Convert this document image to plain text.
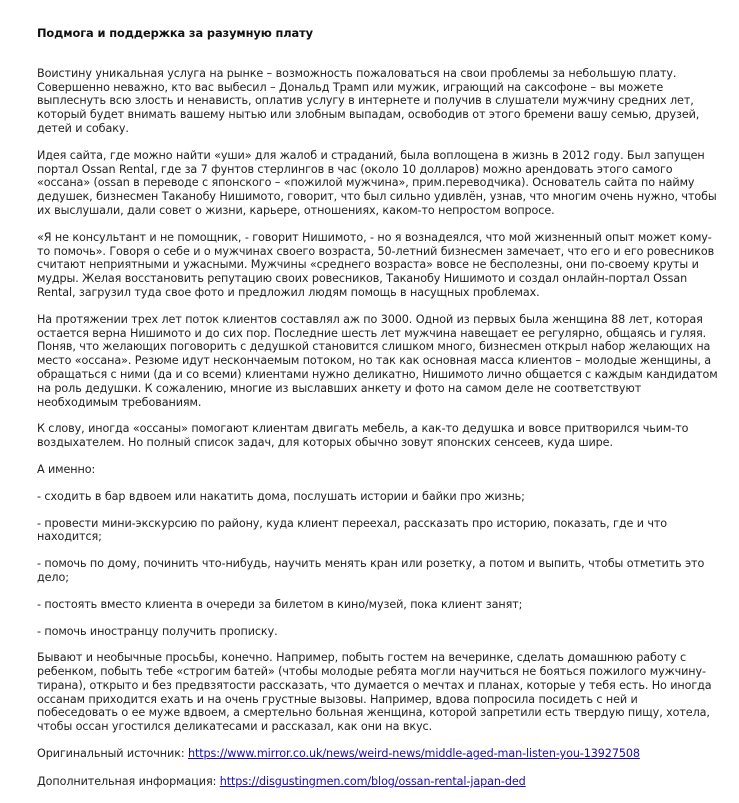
Подмога и поддержка за разумную плату

Воистину уникальная услуга на рынке – возможность пожаловаться на свои проблемы за небольшую плату. Совершенно неважно, кто вас выбесил – Дональд Трамп или мужик, играющий на саксофоне – вы можете выплеснуть всю злость и ненависть, оплатив услугу в интернете и получив в слушатели мужчину средних лет, который будет внимать вашему нытью или злобным выпадам, освободив от этого бремени вашу семью, друзей, детей и собаку.

Идея сайта, где можно найти «уши» для жалоб и страданий, была воплощена в жизнь в 2012 году. Был запущен портал Ossan Rental, где за 7 фунтов стерлингов в час (около 10 долларов) можно арендовать этого самого «оссана» (ossan в переводе с японского – «пожилой мужчина», прим.переводчика). Основатель сайта по найму дедушек, бизнесмен Таканобу Нишимото, говорит, что был сильно удивлён, узнав, что многим очень нужно, чтобы их выслушали, дали совет о жизни, карьере, отношениях, каком-то непростом вопросе.

«Я не консультант и не помощник, - говорит Нишимото, - но я вознадеялся, что мой жизненный опыт может кому-то помочь». Говоря о себе и о мужчинах своего возраста, 50-летний бизнесмен замечает, что его и его ровесников считают неприятными и ужасными. Мужчины «среднего возраста» вовсе не бесполезны, они по-своему круты и мудры. Желая восстановить репутацию своих ровесников, Таканобу Нишимото и создал онлайн-портал Ossan Rental, загрузил туда свое фото и предложил людям помощь в насущных проблемах.

На протяжении трех лет поток клиентов составлял аж по 3000. Одной из первых была женщина 88 лет, которая остается верна Нишимото и до сих пор. Последние шесть лет мужчина навещает ее регулярно, общаясь и гуляя. Поняв, что желающих поговорить с дедушкой становится слишком много, бизнесмен открыл набор желающих на место «оссана». Резюме идут нескончаемым потоком, но так как основная масса клиентов – молодые женщины, а обращаться с ними (да и со всеми) клиентами нужно деликатно, Нишимото лично общается с каждым кандидатом на роль дедушки. К сожалению, многие из выславших анкету и фото на самом деле не соответствуют необходимым требованиям.

К слову, иногда «оссаны» помогают клиентам двигать мебель, а как-то дедушка и вовсе притворился чьим-то воздыхателем. Но полный список задач, для которых обычно зовут японских сенсеев, куда шире.

А именно:

- сходить в бар вдвоем или накатить дома, послушать истории и байки про жизнь;

- провести мини-экскурсию по району, куда клиент переехал, рассказать про историю, показать, где и что находится;

- помочь по дому, починить что-нибудь, научить менять кран или розетку, а потом и выпить, чтобы отметить это дело;

- постоять вместо клиента в очереди за билетом в кино/музей, пока клиент занят;

- помочь иностранцу получить прописку.

Бывают и необычные просьбы, конечно. Например, побыть гостем на вечеринке, сделать домашнюю работу с ребенком, побыть тебе «строгим батей» (чтобы молодые ребята могли научиться не бояться пожилого мужчину-тирана), открыто и без предвзятости рассказать, что думается о мечтах и планах, которые у тебя есть. Но иногда оссанам приходится ехать и на очень грустные вызовы. Например, вдова попросила посидеть с ней и побеседовать о ее муже вдвоем, а смертельно больная женщина, которой запретили есть твердую пищу, хотела, чтобы оссан угостился деликатесами и рассказал, как они на вкус.

Оригинальный источник: https://www.mirror.co.uk/news/weird-news/middle-aged-man-listen-you-13927508

Дополнительная информация: https://disgustingmen.com/blog/ossan-rental-japan-ded
